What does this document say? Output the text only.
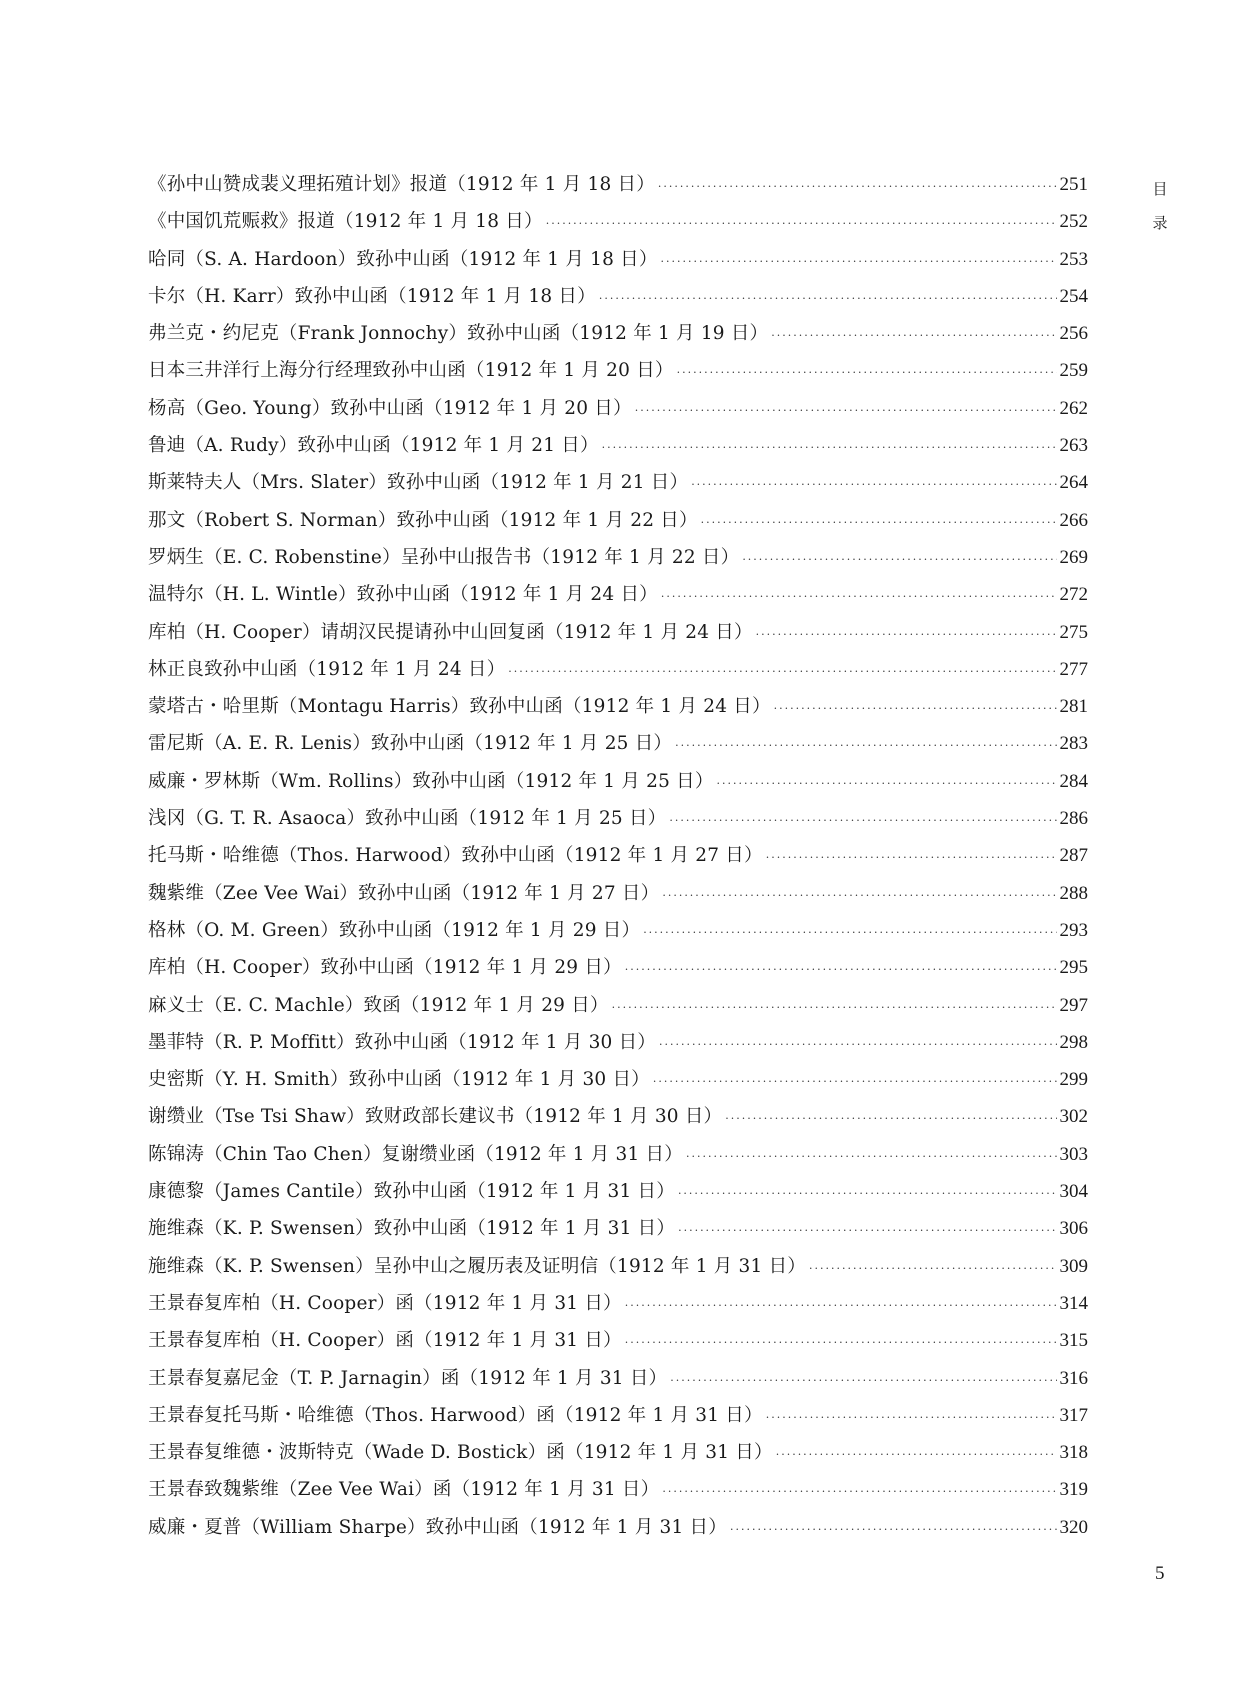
目
录
《孙中山赞成裴义理拓殖计划》报道（1912 年 1 月 18 日） ·····	251
《中国饥荒赈救》报道（1912 年 1 月 18 日） ·····	252
哈同（S. A. Hardoon）致孙中山函（1912 年 1 月 18 日） ·····	253
卡尔（H. Karr）致孙中山函（1912 年 1 月 18 日） ·····	254
弗兰克・约尼克（Frank Jonnochy）致孙中山函（1912 年 1 月 19 日） ·····	256
日本三井洋行上海分行经理致孙中山函（1912 年 1 月 20 日） ·····	259
杨高（Geo. Young）致孙中山函（1912 年 1 月 20 日） ·····	262
鲁迪（A. Rudy）致孙中山函（1912 年 1 月 21 日） ·····	263
斯莱特夫人（Mrs. Slater）致孙中山函（1912 年 1 月 21 日） ·····	264
那文（Robert S. Norman）致孙中山函（1912 年 1 月 22 日） ·····	266
罗炳生（E. C. Robenstine）呈孙中山报告书（1912 年 1 月 22 日） ·····	269
温特尔（H. L. Wintle）致孙中山函（1912 年 1 月 24 日） ·····	272
库柏（H. Cooper）请胡汉民提请孙中山回复函（1912 年 1 月 24 日） ·····	275
林正良致孙中山函（1912 年 1 月 24 日） ·····	277
蒙塔古・哈里斯（Montagu Harris）致孙中山函（1912 年 1 月 24 日） ·····	281
雷尼斯（A. E. R. Lenis）致孙中山函（1912 年 1 月 25 日） ·····	283
威廉・罗林斯（Wm. Rollins）致孙中山函（1912 年 1 月 25 日） ·····	284
浅冈（G. T. R. Asaoca）致孙中山函（1912 年 1 月 25 日） ·····	286
托马斯・哈维德（Thos. Harwood）致孙中山函（1912 年 1 月 27 日） ·····	287
魏紫维（Zee Vee Wai）致孙中山函（1912 年 1 月 27 日） ·····	288
格林（O. M. Green）致孙中山函（1912 年 1 月 29 日） ·····	293
库柏（H. Cooper）致孙中山函（1912 年 1 月 29 日） ·····	295
麻义士（E. C. Machle）致函（1912 年 1 月 29 日） ·····	297
墨菲特（R. P. Moffitt）致孙中山函（1912 年 1 月 30 日） ·····	298
史密斯（Y. H. Smith）致孙中山函（1912 年 1 月 30 日） ·····	299
谢缵业（Tse Tsi Shaw）致财政部长建议书（1912 年 1 月 30 日） ·····	302
陈锦涛（Chin Tao Chen）复谢缵业函（1912 年 1 月 31 日） ·····	303
康德黎（James Cantile）致孙中山函（1912 年 1 月 31 日） ·····	304
施维森（K. P. Swensen）致孙中山函（1912 年 1 月 31 日） ·····	306
施维森（K. P. Swensen）呈孙中山之履历表及证明信（1912 年 1 月 31 日） ·····	309
王景春复库柏（H. Cooper）函（1912 年 1 月 31 日） ·····	314
王景春复库柏（H. Cooper）函（1912 年 1 月 31 日） ·····	315
王景春复嘉尼金（T. P. Jarnagin）函（1912 年 1 月 31 日） ·····	316
王景春复托马斯・哈维德（Thos. Harwood）函（1912 年 1 月 31 日） ·····	317
王景春复维德・波斯特克（Wade D. Bostick）函（1912 年 1 月 31 日） ·····	318
王景春致魏紫维（Zee Vee Wai）函（1912 年 1 月 31 日） ·····	319
威廉・夏普（William Sharpe）致孙中山函（1912 年 1 月 31 日） ·····	320
5
